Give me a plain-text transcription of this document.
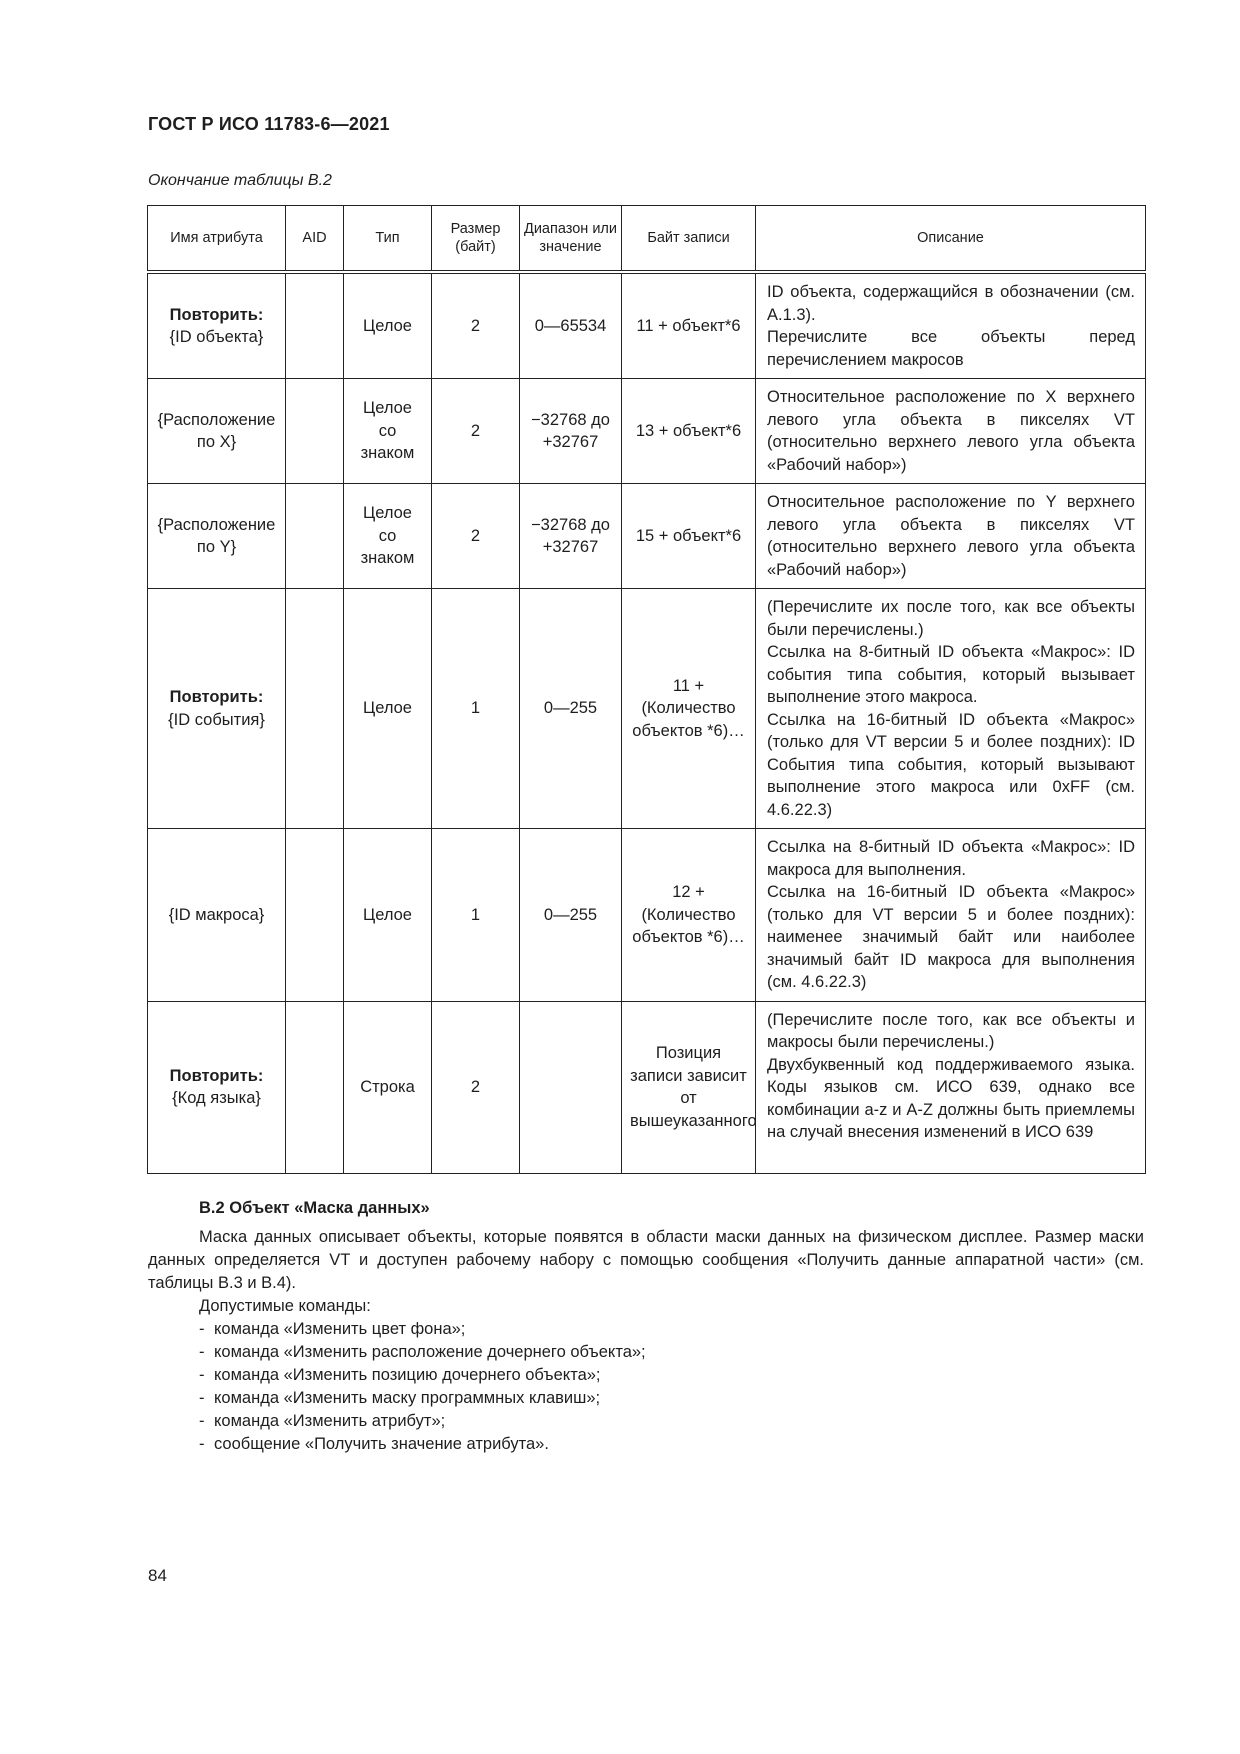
ГОСТ Р ИСО 11783-6—2021
Окончание таблицы В.2
Имя атрибута	AID	Тип	Размер (байт)	Диапазон или значение	Байт записи	Описание

Повторить:
{ID объекта}		Целое	2	0—65534	11 + объект*6	ID объекта, содержащийся в обозначении (см. А.1.3).
Перечислите все объекты перед перечислением макросов

{Расположение по X}		Целое со знаком	2	−32768 до +32767	13 + объект*6	Относительное расположение по X верхнего левого угла объекта в пикселях VT (относительно верхнего левого угла объекта «Рабочий набор»)

{Расположение по Y}		Целое со знаком	2	−32768 до +32767	15 + объект*6	Относительное расположение по Y верхнего левого угла объекта в пикселях VT (относительно верхнего левого угла объекта «Рабочий набор»)

Повторить:
{ID события}		Целое	1	0—255	11 + (Количество объектов *6)…	(Перечислите их после того, как все объекты были перечислены.)
Ссылка на 8-битный ID объекта «Макрос»: ID события типа события, который вызывает выполнение этого макроса.
Ссылка на 16-битный ID объекта «Макрос» (только для VT версии 5 и более поздних): ID События типа события, который вызывают выполнение этого макроса или 0xFF (см. 4.6.22.3)

{ID макроса}		Целое	1	0—255	12 + (Количество объектов *6)…	Ссылка на 8-битный ID объекта «Макрос»: ID макроса для выполнения.
Ссылка на 16-битный ID объекта «Макрос» (только для VT версии 5 и более поздних): наименее значимый байт или наиболее значимый байт ID макроса для выполнения (см. 4.6.22.3)

Повторить:
{Код языка}		Строка	2		Позиция записи зависит от вышеуказанного	(Перечислите после того, как все объекты и макросы были перечислены.)
Двухбуквенный код поддерживаемого языка. Коды языков см. ИСО 639, однако все комбинации a-z и A-Z должны быть приемлемы на случай внесения изменений в ИСО 639
В.2 Объект «Маска данных»

Маска данных описывает объекты, которые появятся в области маски данных на физическом дисплее. Размер маски данных определяется VT и доступен рабочему набору с помощью сообщения «Получить данные аппаратной части» (см. таблицы В.3 и В.4).

Допустимые команды:
- команда «Изменить цвет фона»;
- команда «Изменить расположение дочернего объекта»;
- команда «Изменить позицию дочернего объекта»;
- команда «Изменить маску программных клавиш»;
- команда «Изменить атрибут»;
- сообщение «Получить значение атрибута».
84
